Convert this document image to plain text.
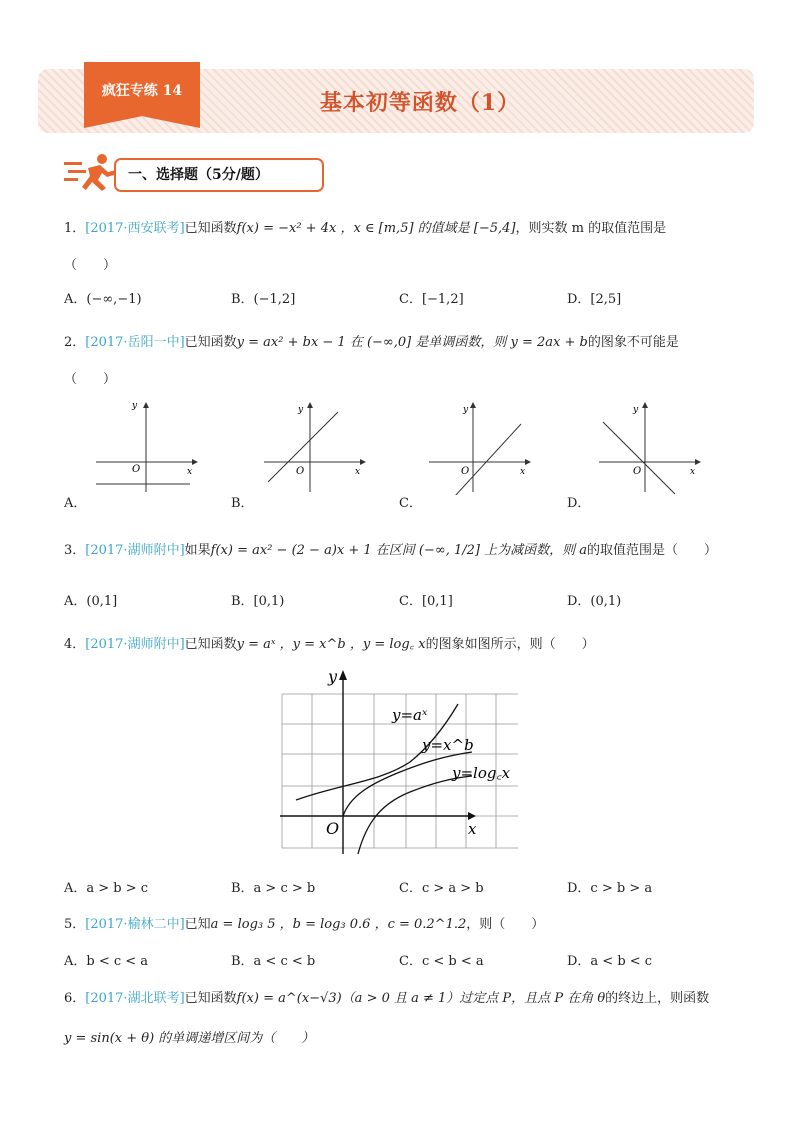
疯狂专练 14	基本初等函数（1）
一、选择题（5分/题）
1．[2017·西安联考]已知函数f(x) = −x² + 4x ，x ∈ [m,5] 的值域是 [−5,4]，则实数 m 的取值范围是
（　　）
A．(−∞,−1)	B．(−1,2]	C．[−1,2]	D．[2,5]
2．[2017·岳阳一中]已知函数y = ax² + bx − 1 在 (−∞,0] 是单调函数，则 y = 2ax + b的图象不可能是
（　　）
y
x
O
y
x
O
y
x
O
y
x
O
A．	B．	C．	D．
3．[2017·湖师附中]如果f(x) = ax² − (2 − a)x + 1 在区间 (−∞, 1/2] 上为减函数，则 a的取值范围是（　　）
A．(0,1]	B．[0,1)	C．[0,1]	D．(0,1)
4．[2017·湖师附中]已知函数y = aˣ ，y = x^b ，y = log꜀ x的图象如图所示，则（　　）
y
x
O
y=aˣ
y=x^b
y=log꜀x
A．a > b > c	B．a > c > b	C．c > a > b	D．c > b > a
5．[2017·榆林二中]已知a = log₃ 5 ，b = log₃ 0.6 ，c = 0.2^1.2，则（　　）
A．b < c < a	B．a < c < b	C．c < b < a	D．a < b < c
6．[2017·湖北联考]已知函数f(x) = a^(x−√3)（a > 0 且 a ≠ 1）过定点 P，且点 P 在角 θ的终边上，则函数
y = sin(x + θ) 的单调递增区间为（　　）
